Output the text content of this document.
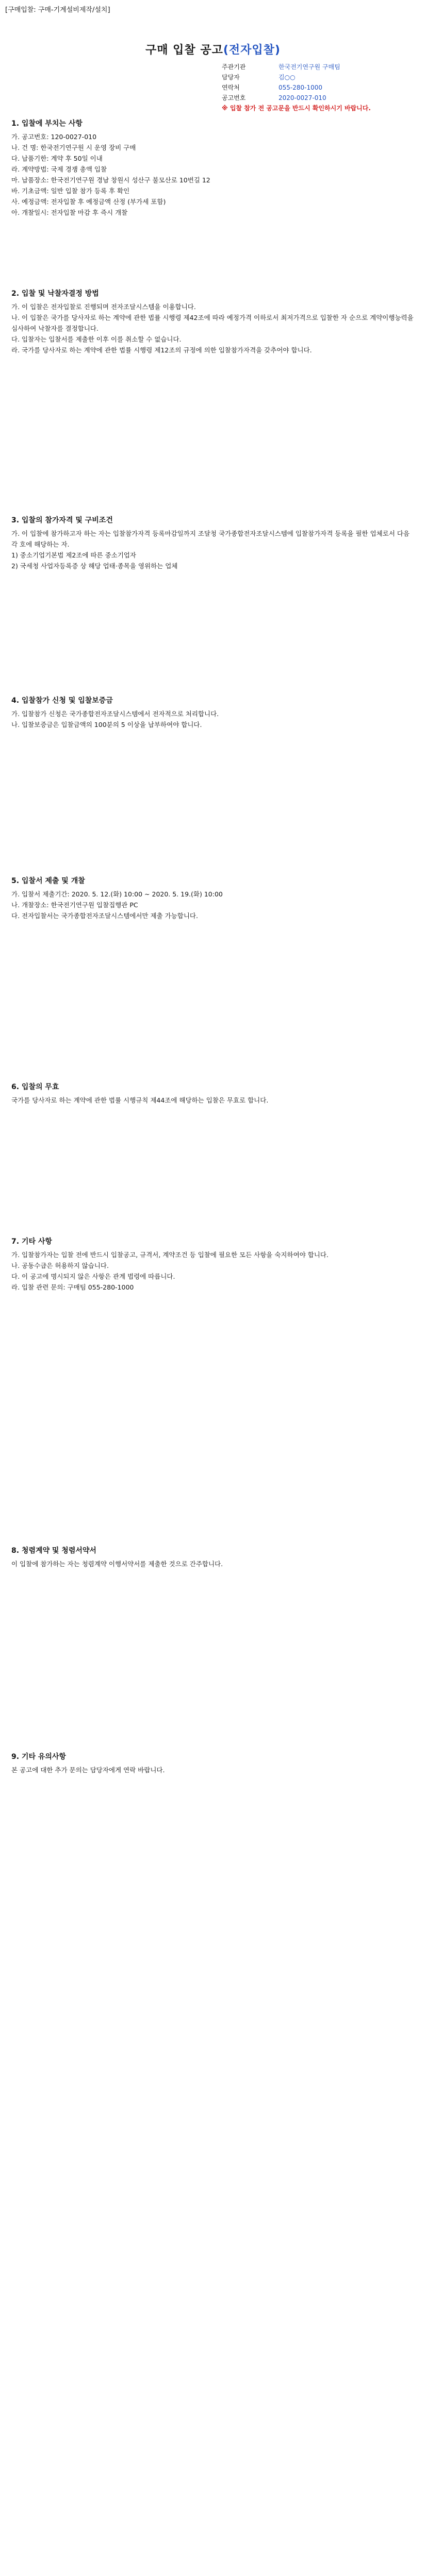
[구매입찰: 구매-기계설비제작/설치]
구매 입찰 공고(전자입찰)
주관기관	한국전기연구원 구매팀
담당자	김○○
연락처	055-280-1000
공고번호	2020-0027-010
※ 입찰 참가 전 공고문을 반드시 확인하시기 바랍니다.
1. 입찰에 부치는 사항

가. 공고번호: 120-0027-010

나. 건 명: 한국전기연구원 시 운영 장비 구매

다. 납품기한: 계약 후 50일 이내

라. 계약방법: 국제 경쟁 총액 입찰

마. 납품장소: 한국전기연구원 경남 창원시 성산구 불모산로 10번길 12

바. 기초금액: 일반 입찰 참가 등록 후 확인

사. 예정금액: 전자입찰 후 예정금액 산정 (부가세 포함)

아. 개찰일시: 전자입찰 마감 후 즉시 개찰

2. 입찰 및 낙찰자결정 방법

가. 이 입찰은 전자입찰로 진행되며 전자조달시스템을 이용합니다.

나. 이 입찰은 국가를 당사자로 하는 계약에 관한 법률 시행령 제42조에 따라 예정가격 이하로서 최저가격으로 입찰한 자 순으로 계약이행능력을 심사하여 낙찰자를 결정합니다.

다. 입찰자는 입찰서를 제출한 이후 이를 취소할 수 없습니다.

라. 국가를 당사자로 하는 계약에 관한 법률 시행령 제12조의 규정에 의한 입찰참가자격을 갖추어야 합니다.

3. 입찰의 참가자격 및 구비조건

가. 이 입찰에 참가하고자 하는 자는 입찰참가자격 등록마감일까지 조달청 국가종합전자조달시스템에 입찰참가자격 등록을 필한 업체로서 다음 각 호에 해당하는 자.

1) 중소기업기본법 제2조에 따른 중소기업자

2) 국세청 사업자등록증 상 해당 업태·종목을 영위하는 업체

4. 입찰참가 신청 및 입찰보증금

가. 입찰참가 신청은 국가종합전자조달시스템에서 전자적으로 처리합니다.

나. 입찰보증금은 입찰금액의 100분의 5 이상을 납부하여야 합니다.

5. 입찰서 제출 및 개찰

가. 입찰서 제출기간: 2020. 5. 12.(화) 10:00 ~ 2020. 5. 19.(화) 10:00

나. 개찰장소: 한국전기연구원 입찰집행관 PC

다. 전자입찰서는 국가종합전자조달시스템에서만 제출 가능합니다.

6. 입찰의 무효

국가를 당사자로 하는 계약에 관한 법률 시행규칙 제44조에 해당하는 입찰은 무효로 합니다.

7. 기타 사항

가. 입찰참가자는 입찰 전에 반드시 입찰공고, 규격서, 계약조건 등 입찰에 필요한 모든 사항을 숙지하여야 합니다.

나. 공동수급은 허용하지 않습니다.

다. 이 공고에 명시되지 않은 사항은 관계 법령에 따릅니다.

라. 입찰 관련 문의: 구매팀 055-280-1000

8. 청렴계약 및 청렴서약서

이 입찰에 참가하는 자는 청렴계약 이행서약서를 제출한 것으로 간주합니다.

9. 기타 유의사항

본 공고에 대한 추가 문의는 담당자에게 연락 바랍니다.
